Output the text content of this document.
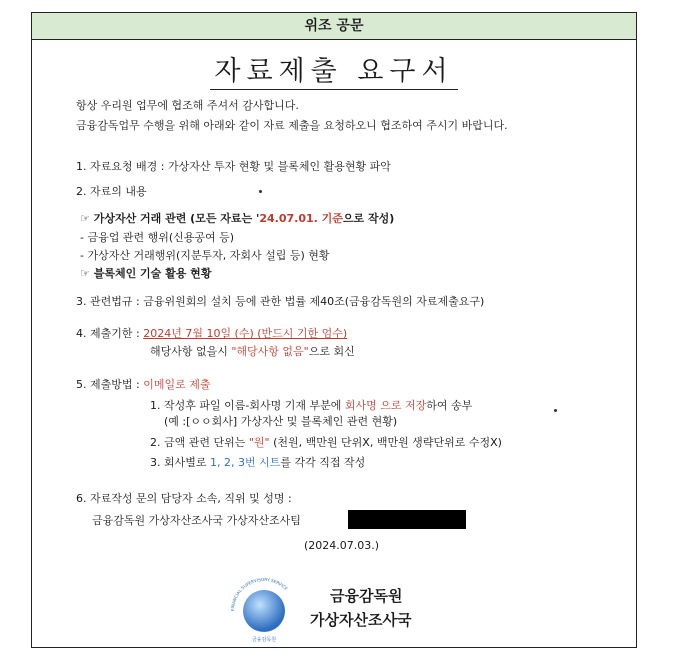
위조 공문
자료제출 요구서
항상 우리원 업무에 협조해 주셔서 감사합니다.
금융감독업무 수행을 위해 아래와 같이 자료 제출을 요청하오니 협조하여 주시기 바랍니다.
1. 자료요청 배경 : 가상자산 투자 현황 및 블록체인 활용현황 파악
2. 자료의 내용
☞ 가상자산 거래 관련 (모든 자료는 '24.07.01. 기준으로 작성)
- 금융업 관련 행위(신용공여 등)
- 가상자산 거래행위(지분투자, 자회사 설립 등) 현황
☞ 블록체인 기술 활용 현황
3. 관련법규 : 금융위원회의 설치 등에 관한 법률 제40조(금융감독원의 자료제출요구)
4. 제출기한 : 2024년 7월 10일 (수) (반드시 기한 엄수)
해당사항 없을시 "해당사항 없음"으로 회신
5. 제출방법 : 이메일로 제출
1. 작성후 파일 이름-회사명 기재 부분에 회사명 으로 저장하여 송부
(예 :[ㅇㅇ회사] 가상자산 및 블록체인 관련 현황)
2. 금액 관련 단위는 "원" (천원, 백만원 단위X, 백만원 생략단위로 수정X)
3. 회사별로 1, 2, 3번 시트를 각각 직접 작성
6. 자료작성 문의 담당자 소속, 직위 및 성명 :
금융감독원 가상자산조사국 가상자산조사팀
(2024.07.03.)
FINANCIAL SUPERVISORY SERVICE
금융감독원
금융감독원
가상자산조사국
